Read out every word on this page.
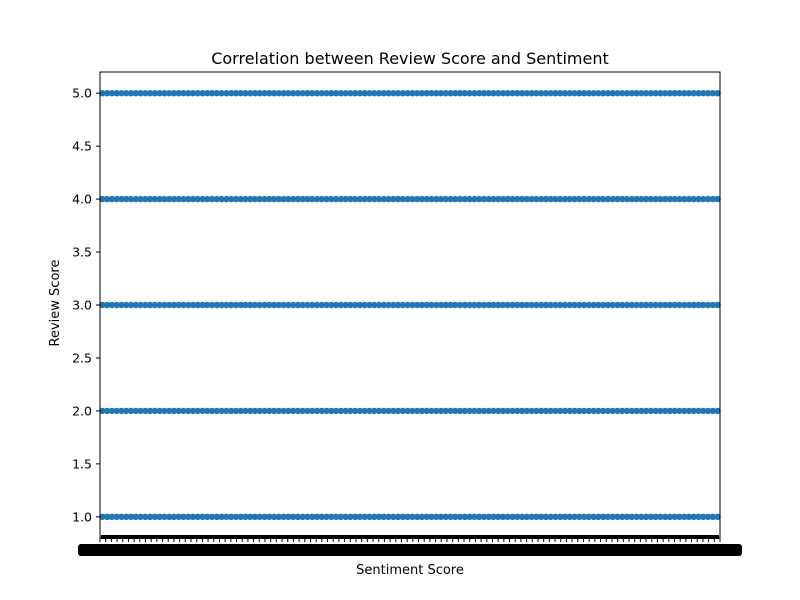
1.0
1.5
2.0
2.5
3.0
3.5
4.0
4.5
5.0
Correlation between Review Score and Sentiment
Sentiment Score
Review Score
